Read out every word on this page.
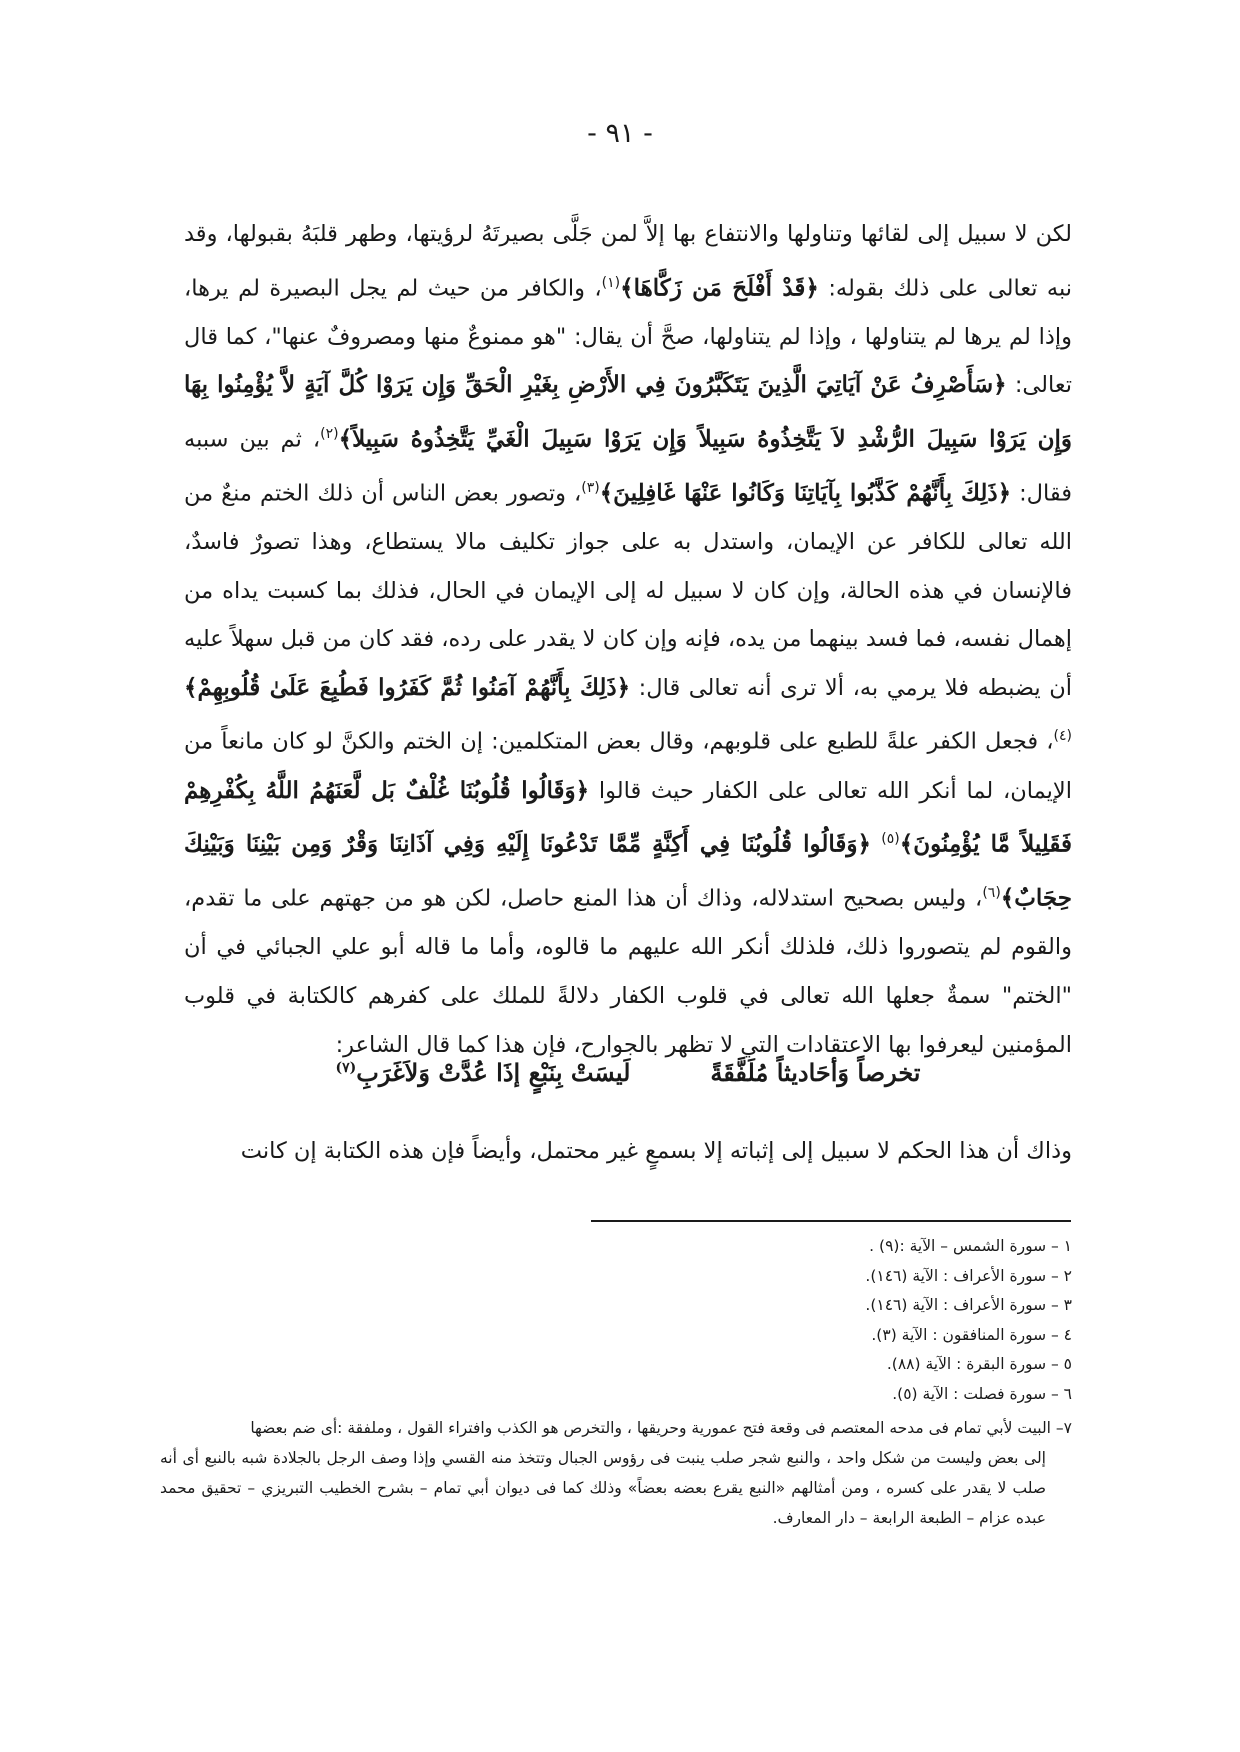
- ٩١ -

لكن لا سبيل إلى لقائها وتناولها والانتفاع بها إلاَّ لمن جَلَّى بصيرتَهُ لرؤيتها، وطهر قلبَهُ بقبولها، وقد نبه تعالى على ذلك بقوله: ﴿قَدْ أَفْلَحَ مَن زَكَّاهَا﴾$^{(١)}$، والكافر من حيث لم يجل البصيرة لم يرها، وإذا لم يرها لم يتناولها ، وإذا لم يتناولها، صحَّ أن يقال: "هو ممنوعٌ منها ومصروفٌ عنها"، كما قال تعالى: ﴿سَأَصْرِفُ عَنْ آيَاتِيَ الَّذِينَ يَتَكَبَّرُونَ فِي الأَرْضِ بِغَيْرِ الْحَقِّ وَإِن يَرَوْا كُلَّ آيَةٍ لاَّ يُؤْمِنُوا بِهَا وَإِن يَرَوْا سَبِيلَ الرُّشْدِ لاَ يَتَّخِذُوهُ سَبِيلاً وَإِن يَرَوْا سَبِيلَ الْغَيِّ يَتَّخِذُوهُ سَبِيلاً﴾$^{(٢)}$، ثم بين سببه فقال: ﴿ذَلِكَ بِأَنَّهُمْ كَذَّبُوا بِآيَاتِنَا وَكَانُوا عَنْهَا غَافِلِينَ﴾$^{(٣)}$، وتصور بعض الناس أن ذلك الختم منعٌ من الله تعالى للكافر عن الإيمان، واستدل به على جواز تكليف مالا يستطاع، وهذا تصورٌ فاسدٌ، فالإنسان في هذه الحالة، وإن كان لا سبيل له إلى الإيمان في الحال، فذلك بما كسبت يداه من إهمال نفسه، فما فسد بينهما من يده، فإنه وإن كان لا يقدر على رده، فقد كان من قبل سهلاً عليه أن يضبطه فلا يرمي به، ألا ترى أنه تعالى قال: ﴿ذَلِكَ بِأَنَّهُمْ آمَنُوا ثُمَّ كَفَرُوا فَطُبِعَ عَلَىٰ قُلُوبِهِمْ﴾$^{(٤)}$، فجعل الكفر علةً للطبع على قلوبهم، وقال بعض المتكلمين: إن الختم والكنَّ لو كان مانعاً من الإيمان، لما أنكر الله تعالى على الكفار حيث قالوا ﴿وَقَالُوا قُلُوبُنَا غُلْفٌ بَل لَّعَنَهُمُ اللَّهُ بِكُفْرِهِمْ فَقَلِيلاً مَّا يُؤْمِنُونَ﴾$^{(٥)}$ ﴿وَقَالُوا قُلُوبُنَا فِي أَكِنَّةٍ مِّمَّا تَدْعُونَا إِلَيْهِ وَفِي آذَانِنَا وَقْرٌ وَمِن بَيْنِنَا وَبَيْنِكَ حِجَابٌ﴾$^{(٦)}$، وليس بصحيح استدلاله، وذاك أن هذا المنع حاصل، لكن هو من جهتهم على ما تقدم، والقوم لم يتصوروا ذلك، فلذلك أنكر الله عليهم ما قالوه، وأما ما قاله أبو علي الجبائي في أن "الختم" سمةٌ جعلها الله تعالى في قلوب الكفار دلالةً للملك على كفرهم كالكتابة في قلوب المؤمنين ليعرفوا بها الاعتقادات التي لا تظهر بالجوارح، فإن هذا كما قال الشاعر:

تخرصاً وَأحَاديثاً مُلَفَّقَةً
لَيسَتْ بِنَبْعٍ إذَا عُدَّتْ وَلاَغَرَبِ$^{(٧)}$
وذاك أن هذا الحكم لا سبيل إلى إثباته إلا بسمعٍ غير محتمل، وأيضاً فإن هذه الكتابة إن كانت
١ – سورة الشمس – الآية :(٩) .
٢ – سورة الأعراف : الآية (١٤٦).
٣ – سورة الأعراف : الآية (١٤٦).
٤ – سورة المنافقون : الآية (٣).
٥ – سورة البقرة : الآية (٨٨).
٦ – سورة فصلت : الآية (٥).
٧– البيت لأبي تمام فى مدحه المعتصم فى وقعة فتح عمورية وحريقها ، والتخرص هو الكذب وافتراء القول ، وملفقة :أى ضم بعضها
إلى بعض وليست من شكل واحد ، والنبع شجر صلب ينبت فى رؤوس الجبال وتتخذ منه القسي وإذا وصف الرجل بالجلادة شبه بالنبع أى أنه صلب لا يقدر على كسره ، ومن أمثالهم «النبع يقرع بعضه بعضاً» وذلك كما فى ديوان أبي تمام – بشرح الخطيب التبريزي – تحقيق محمد عبده عزام – الطبعة الرابعة – دار المعارف.
